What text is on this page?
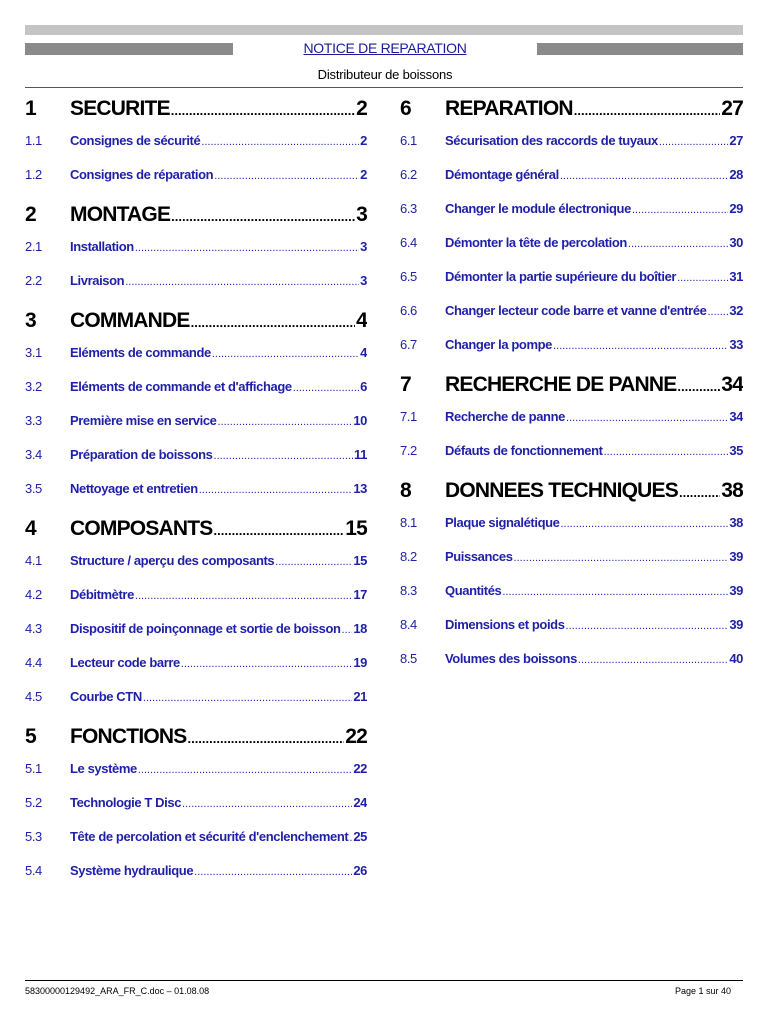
NOTICE DE REPARATION
Distributeur de boissons
1	SECURITE .....	2
1.1	Consignes de sécurité .....	2
1.2	Consignes de réparation .....	2
2	MONTAGE .....	3
2.1	Installation .....	3
2.2	Livraison .....	3
3	COMMANDE .....	4
3.1	Eléments de commande .....	4
3.2	Eléments de commande et d'affichage .....	6
3.3	Première mise en service .....	10
3.4	Préparation de boissons .....	11
3.5	Nettoyage et entretien .....	13
4	COMPOSANTS .....	15
4.1	Structure / aperçu des composants .....	15
4.2	Débitmètre .....	17
4.3	Dispositif de poinçonnage et sortie de boisson ..... 18
4.4	Lecteur code barre .....	19
4.5	Courbe CTN .....	21
5	FONCTIONS .....	22
5.1	Le système .....	22
5.2	Technologie T Disc .....	24
5.3	Tête de percolation et sécurité d'enclenchement ..... 25
5.4	Système hydraulique .....	26
6	REPARATION .....	27
6.1	Sécurisation des raccords de tuyaux .....	27
6.2	Démontage général .....	28
6.3	Changer le module électronique .....	29
6.4	Démonter la tête de percolation .....	30
6.5	Démonter la partie supérieure du boîtier .....	31
6.6	Changer lecteur code barre et vanne d'entrée ..... 32
6.7	Changer la pompe .....	33
7	RECHERCHE DE PANNE ..... 34
7.1	Recherche de panne .....	34
7.2	Défauts de fonctionnement .....	35
8	DONNEES TECHNIQUES ..... 38
8.1	Plaque signalétique .....	38
8.2	Puissances .....	39
8.3	Quantités .....	39
8.4	Dimensions et poids .....	39
8.5	Volumes des boissons .....	40
58300000129492_ARA_FR_C.doc – 01.08.08	Page 1 sur 40
